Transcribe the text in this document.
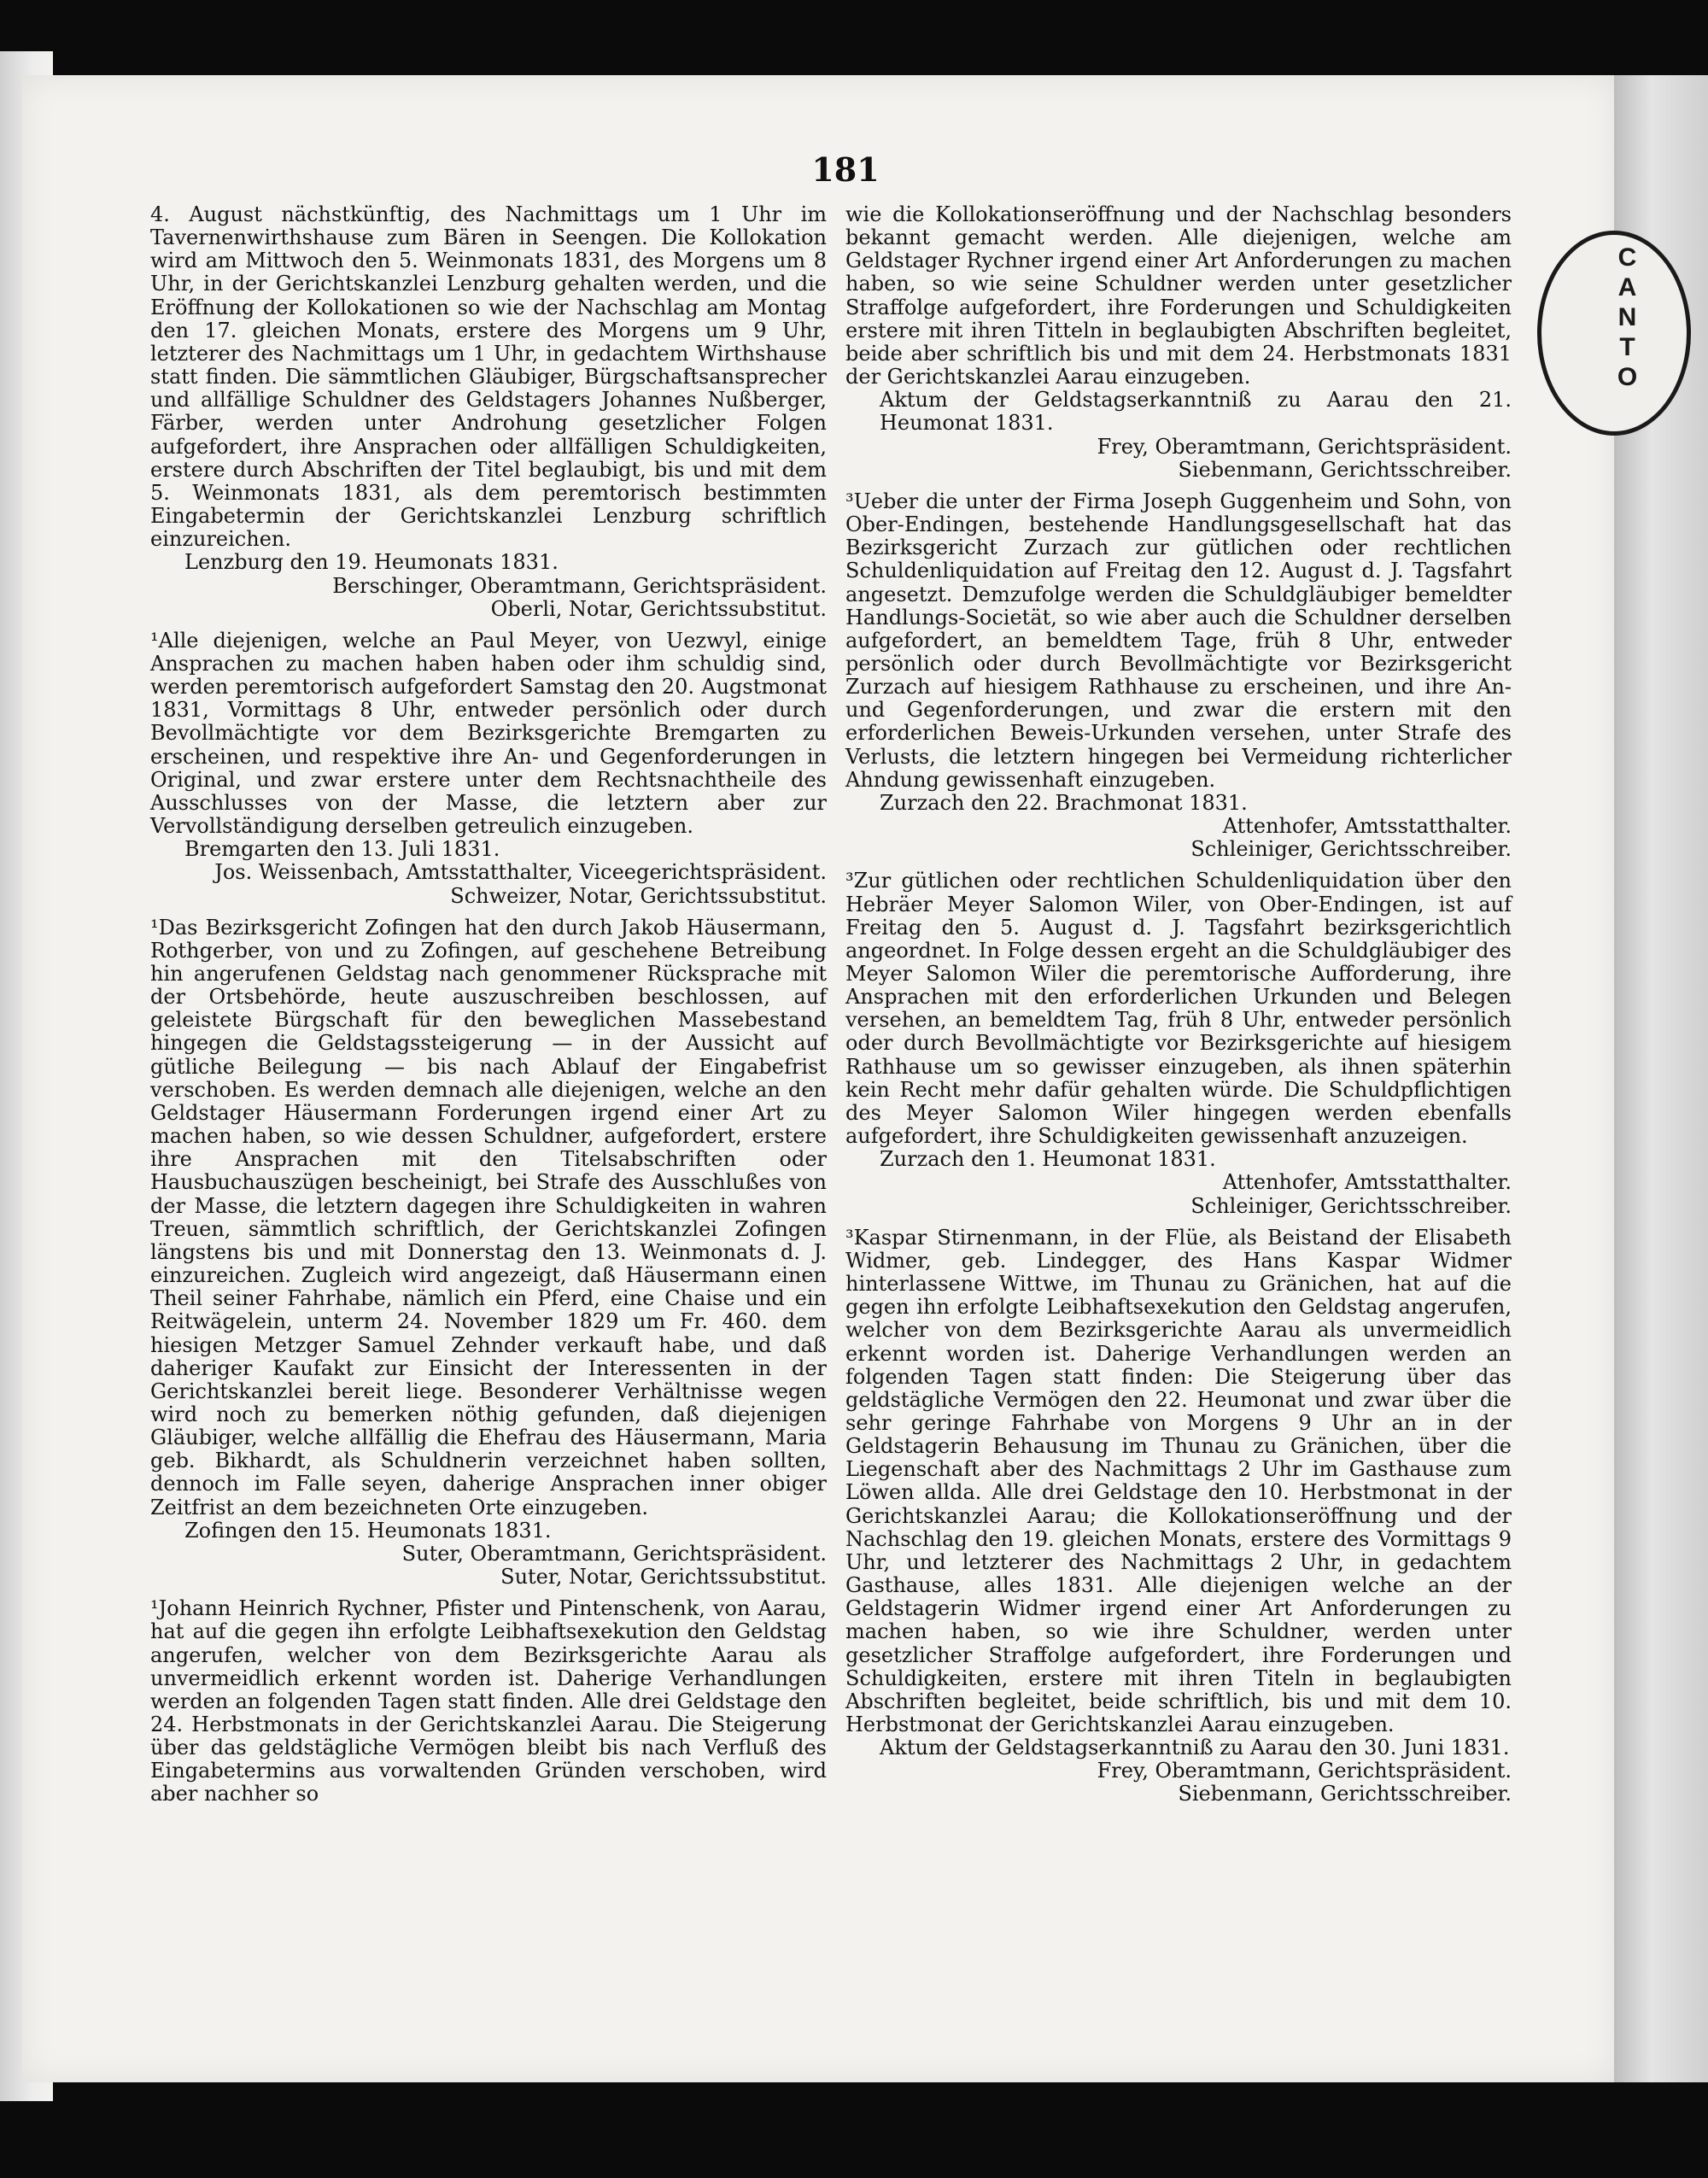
CANTO
181

4. August nächstkünftig, des Nachmittags um 1 Uhr im Tavernenwirthshause zum Bären in Seengen. Die Kollokation wird am Mittwoch den 5. Weinmonats 1831, des Morgens um 8 Uhr, in der Gerichtskanzlei Lenzburg gehalten werden, und die Eröffnung der Kollokationen so wie der Nachschlag am Montag den 17. gleichen Monats, erstere des Morgens um 9 Uhr, letzterer des Nachmittags um 1 Uhr, in gedachtem Wirthshause statt finden. Die sämmtlichen Gläubiger, Bürgschaftsansprecher und allfällige Schuldner des Geldstagers Johannes Nußberger, Färber, werden unter Androhung gesetzlicher Folgen aufgefordert, ihre Ansprachen oder allfälligen Schuldigkeiten, erstere durch Abschriften der Titel beglaubigt, bis und mit dem 5. Weinmonats 1831, als dem peremtorisch bestimmten Eingabetermin der Gerichtskanzlei Lenzburg schriftlich einzureichen.

Lenzburg den 19. Heumonats 1831.

Berschinger, Oberamtmann, Gerichtspräsident.

Oberli, Notar, Gerichtssubstitut.

¹Alle diejenigen, welche an Paul Meyer, von Uezwyl, einige Ansprachen zu machen haben haben oder ihm schuldig sind, werden peremtorisch aufgefordert Samstag den 20. Augstmonat 1831, Vormittags 8 Uhr, entweder persönlich oder durch Bevollmächtigte vor dem Bezirksgerichte Bremgarten zu erscheinen, und respektive ihre An- und Gegenforderungen in Original, und zwar erstere unter dem Rechtsnachtheile des Ausschlusses von der Masse, die letztern aber zur Vervollständigung derselben getreulich einzugeben.

Bremgarten den 13. Juli 1831.

Jos. Weissenbach, Amtsstatthalter, Viceegerichtspräsident.

Schweizer, Notar, Gerichtssubstitut.

¹Das Bezirksgericht Zofingen hat den durch Jakob Häusermann, Rothgerber, von und zu Zofingen, auf geschehene Betreibung hin angerufenen Geldstag nach genommener Rücksprache mit der Ortsbehörde, heute auszuschreiben beschlossen, auf geleistete Bürgschaft für den beweglichen Massebestand hingegen die Geldstagssteigerung — in der Aussicht auf gütliche Beilegung — bis nach Ablauf der Eingabefrist verschoben. Es werden demnach alle diejenigen, welche an den Geldstager Häusermann Forderungen irgend einer Art zu machen haben, so wie dessen Schuldner, aufgefordert, erstere ihre Ansprachen mit den Titelsabschriften oder Hausbuchauszügen bescheinigt, bei Strafe des Ausschlußes von der Masse, die letztern dagegen ihre Schuldigkeiten in wahren Treuen, sämmtlich schriftlich, der Gerichtskanzlei Zofingen längstens bis und mit Donnerstag den 13. Weinmonats d. J. einzureichen. Zugleich wird angezeigt, daß Häusermann einen Theil seiner Fahrhabe, nämlich ein Pferd, eine Chaise und ein Reitwägelein, unterm 24. November 1829 um Fr. 460. dem hiesigen Metzger Samuel Zehnder verkauft habe, und daß daheriger Kaufakt zur Einsicht der Interessenten in der Gerichtskanzlei bereit liege. Besonderer Verhältnisse wegen wird noch zu bemerken nöthig gefunden, daß diejenigen Gläubiger, welche allfällig die Ehefrau des Häusermann, Maria geb. Bikhardt, als Schuldnerin verzeichnet haben sollten, dennoch im Falle seyen, daherige Ansprachen inner obiger Zeitfrist an dem bezeichneten Orte einzugeben.

Zofingen den 15. Heumonats 1831.

Suter, Oberamtmann, Gerichtspräsident.

Suter, Notar, Gerichtssubstitut.

¹Johann Heinrich Rychner, Pfister und Pintenschenk, von Aarau, hat auf die gegen ihn erfolgte Leibhaftsexekution den Geldstag angerufen, welcher von dem Bezirksgerichte Aarau als unvermeidlich erkennt worden ist. Daherige Verhandlungen werden an folgenden Tagen statt finden. Alle drei Geldstage den 24. Herbstmonats in der Gerichtskanzlei Aarau. Die Steigerung über das geldstägliche Vermögen bleibt bis nach Verfluß des Eingabetermins aus vorwaltenden Gründen verschoben, wird aber nachher so

wie die Kollokationseröffnung und der Nachschlag besonders bekannt gemacht werden. Alle diejenigen, welche am Geldstager Rychner irgend einer Art Anforderungen zu machen haben, so wie seine Schuldner werden unter gesetzlicher Straffolge aufgefordert, ihre Forderungen und Schuldigkeiten erstere mit ihren Titteln in beglaubigten Abschriften begleitet, beide aber schriftlich bis und mit dem 24. Herbstmonats 1831 der Gerichtskanzlei Aarau einzugeben.

Aktum der Geldstagserkanntniß zu Aarau den 21. Heumonat 1831.

Frey, Oberamtmann, Gerichtspräsident.

Siebenmann, Gerichtsschreiber.

³Ueber die unter der Firma Joseph Guggenheim und Sohn, von Ober-Endingen, bestehende Handlungsgesellschaft hat das Bezirksgericht Zurzach zur gütlichen oder rechtlichen Schuldenliquidation auf Freitag den 12. August d. J. Tagsfahrt angesetzt. Demzufolge werden die Schuldgläubiger bemeldter Handlungs-Societät, so wie aber auch die Schuldner derselben aufgefordert, an bemeldtem Tage, früh 8 Uhr, entweder persönlich oder durch Bevollmächtigte vor Bezirksgericht Zurzach auf hiesigem Rathhause zu erscheinen, und ihre An- und Gegenforderungen, und zwar die erstern mit den erforderlichen Beweis-Urkunden versehen, unter Strafe des Verlusts, die letztern hingegen bei Vermeidung richterlicher Ahndung gewissenhaft einzugeben.

Zurzach den 22. Brachmonat 1831.

Attenhofer, Amtsstatthalter.

Schleiniger, Gerichtsschreiber.

³Zur gütlichen oder rechtlichen Schuldenliquidation über den Hebräer Meyer Salomon Wiler, von Ober-Endingen, ist auf Freitag den 5. August d. J. Tagsfahrt bezirksgerichtlich angeordnet. In Folge dessen ergeht an die Schuldgläubiger des Meyer Salomon Wiler die peremtorische Aufforderung, ihre Ansprachen mit den erforderlichen Urkunden und Belegen versehen, an bemeldtem Tag, früh 8 Uhr, entweder persönlich oder durch Bevollmächtigte vor Bezirksgerichte auf hiesigem Rathhause um so gewisser einzugeben, als ihnen späterhin kein Recht mehr dafür gehalten würde. Die Schuldpflichtigen des Meyer Salomon Wiler hingegen werden ebenfalls aufgefordert, ihre Schuldigkeiten gewissenhaft anzuzeigen.

Zurzach den 1. Heumonat 1831.

Attenhofer, Amtsstatthalter.

Schleiniger, Gerichtsschreiber.

³Kaspar Stirnenmann, in der Flüe, als Beistand der Elisabeth Widmer, geb. Lindegger, des Hans Kaspar Widmer hinterlassene Wittwe, im Thunau zu Gränichen, hat auf die gegen ihn erfolgte Leibhaftsexekution den Geldstag angerufen, welcher von dem Bezirksgerichte Aarau als unvermeidlich erkennt worden ist. Daherige Verhandlungen werden an folgenden Tagen statt finden: Die Steigerung über das geldstägliche Vermögen den 22. Heumonat und zwar über die sehr geringe Fahrhabe von Morgens 9 Uhr an in der Geldstagerin Behausung im Thunau zu Gränichen, über die Liegenschaft aber des Nachmittags 2 Uhr im Gasthause zum Löwen allda. Alle drei Geldstage den 10. Herbstmonat in der Gerichtskanzlei Aarau; die Kollokationseröffnung und der Nachschlag den 19. gleichen Monats, erstere des Vormittags 9 Uhr, und letzterer des Nachmittags 2 Uhr, in gedachtem Gasthause, alles 1831. Alle diejenigen welche an der Geldstagerin Widmer irgend einer Art Anforderungen zu machen haben, so wie ihre Schuldner, werden unter gesetzlicher Straffolge aufgefordert, ihre Forderungen und Schuldigkeiten, erstere mit ihren Titeln in beglaubigten Abschriften begleitet, beide schriftlich, bis und mit dem 10. Herbstmonat der Gerichtskanzlei Aarau einzugeben.

Aktum der Geldstagserkanntniß zu Aarau den 30. Juni 1831.

Frey, Oberamtmann, Gerichtspräsident.

Siebenmann, Gerichtsschreiber.
